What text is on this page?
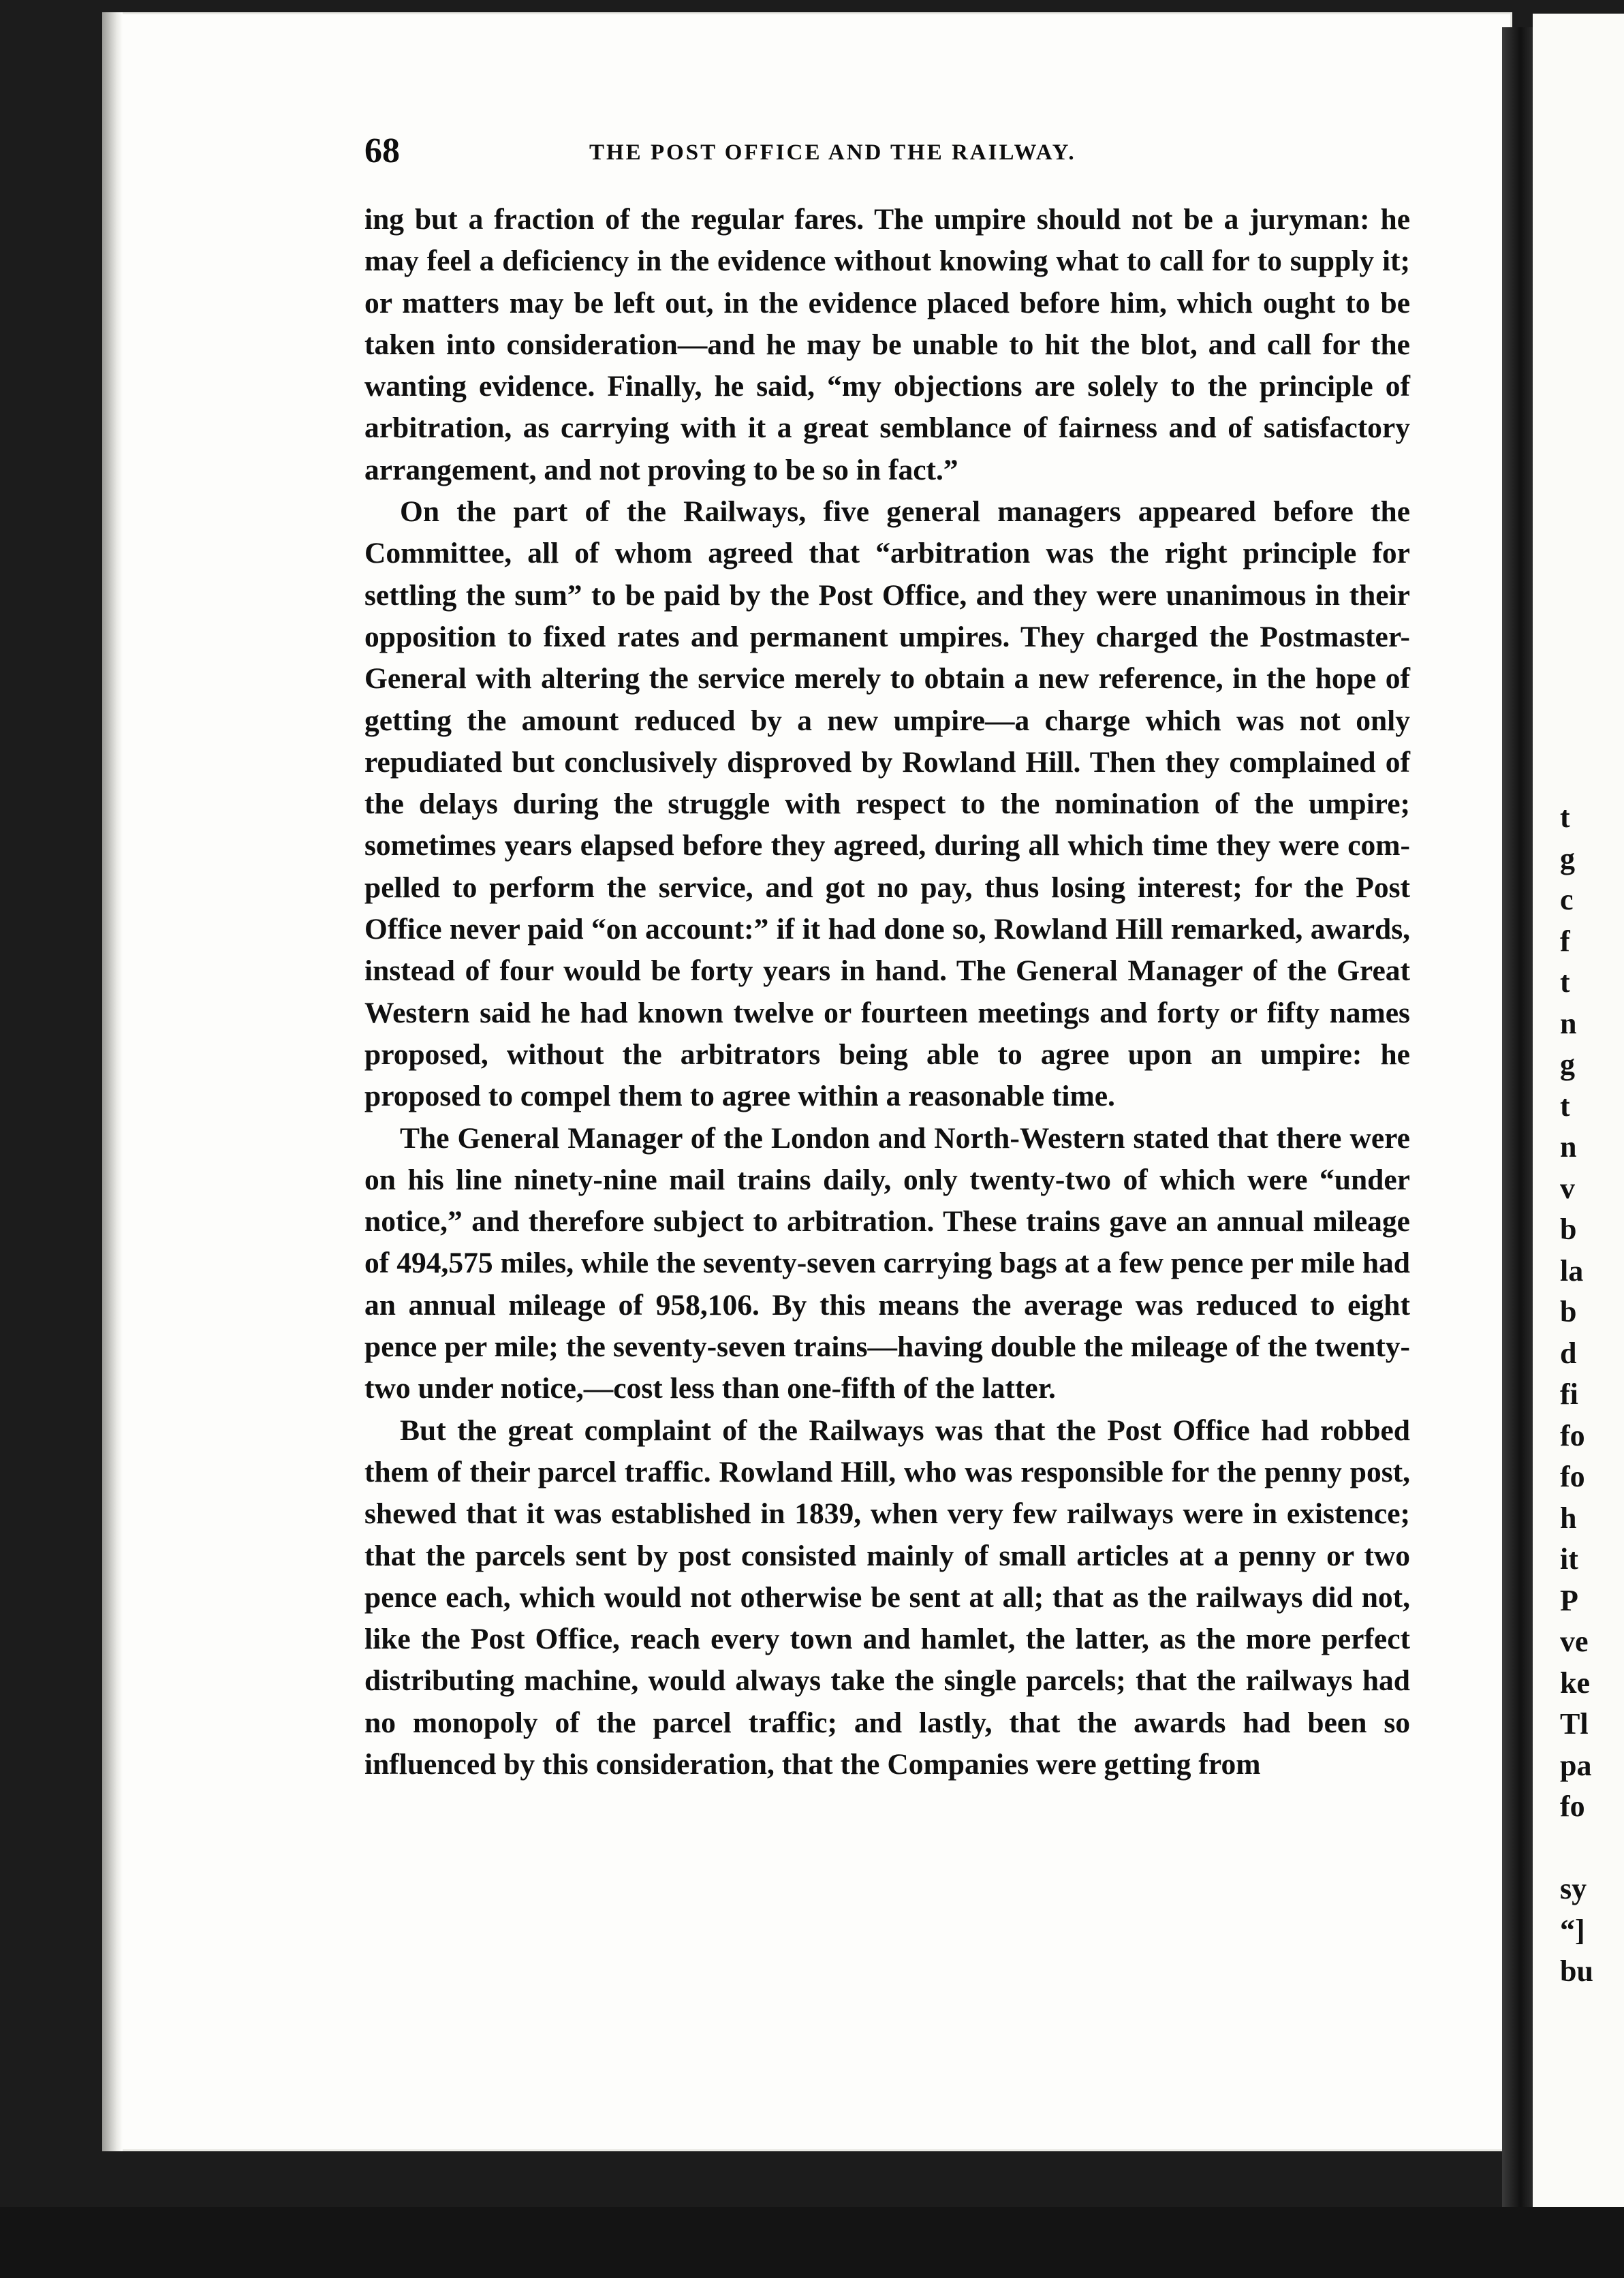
t
g
c
f
t
n
g
t
n
v
b
la
b
d
fi
fo
fo
h
it
P
ve
ke
Tl
pa
fo
sy
“]
bu
68	THE POST OFFICE AND THE RAILWAY.

ing but a fraction of the regular fares. The umpire should not be a juryman: he may feel a deficiency in the evidence without knowing what to call for to supply it; or matters may be left out, in the evidence placed before him, which ought to be taken into consideration—and he may be unable to hit the blot, and call for the wanting evidence. Finally, he said, “my objections are solely to the principle of arbitration, as carrying with it a great semblance of fairness and of satisfactory arrangement, and not proving to be so in fact.”

On the part of the Railways, five general managers appeared before the Committee, all of whom agreed that “arbitration was the right principle for settling the sum” to be paid by the Post Office, and they were unanimous in their opposition to fixed rates and permanent umpires. They charged the Postmaster-General with altering the service merely to obtain a new reference, in the hope of getting the amount reduced by a new umpire—a charge which was not only repudiated but conclusively disproved by Rowland Hill. Then they complained of the delays during the struggle with respect to the nomination of the umpire; sometimes years elapsed before they agreed, during all which time they were compelled to perform the service, and got no pay, thus losing interest; for the Post Office never paid “on account:” if it had done so, Rowland Hill remarked, awards, instead of four would be forty years in hand. The General Manager of the Great Western said he had known twelve or fourteen meetings and forty or fifty names proposed, without the arbitrators being able to agree upon an umpire: he proposed to compel them to agree within a reasonable time.

The General Manager of the London and North-Western stated that there were on his line ninety-nine mail trains daily, only twenty-two of which were “under notice,” and therefore subject to arbitration. These trains gave an annual mileage of 494,575 miles, while the seventy-seven carrying bags at a few pence per mile had an annual mileage of 958,106. By this means the average was reduced to eight pence per mile; the seventy-seven trains—having double the mileage of the twenty-two under notice,—cost less than one-fifth of the latter.

But the great complaint of the Railways was that the Post Office had robbed them of their parcel traffic. Rowland Hill, who was responsible for the penny post, shewed that it was established in 1839, when very few railways were in existence; that the parcels sent by post consisted mainly of small articles at a penny or two pence each, which would not otherwise be sent at all; that as the railways did not, like the Post Office, reach every town and hamlet, the latter, as the more perfect distributing machine, would always take the single parcels; that the railways had no monopoly of the parcel traffic; and lastly, that the awards had been so influenced by this consideration, that the Companies were getting from
